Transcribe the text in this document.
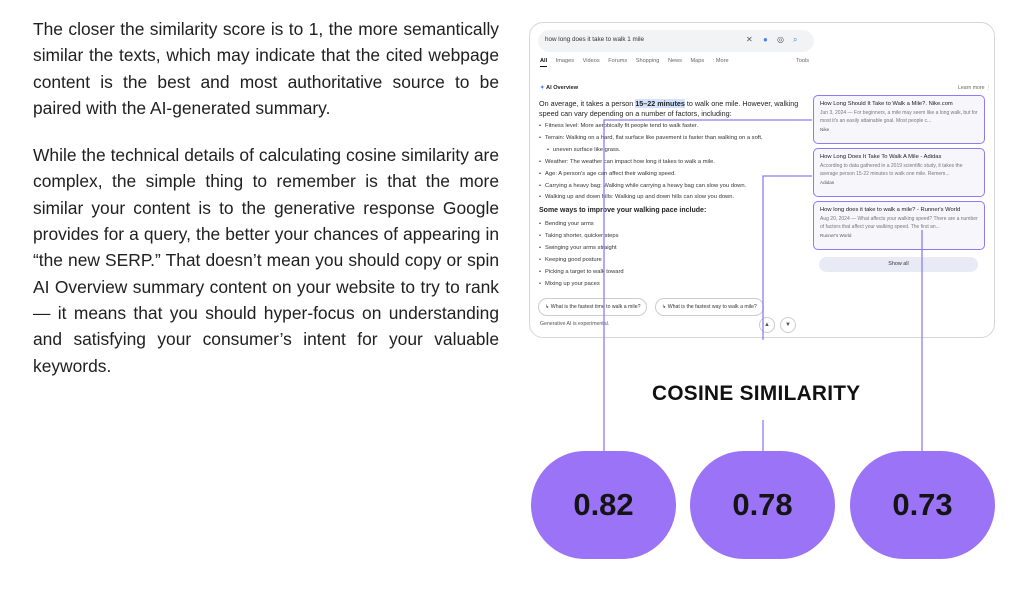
The closer the similarity score is to 1, the more semantically similar the texts, which may indicate that the cited webpage content is the best and most authoritative source to be paired with the AI-generated summary.

While the technical details of calculating cosine similarity are complex, the simple thing to remember is that the more similar your content is to the generative response Google provides for a query, the better your chances of appearing in “the new SERP.” That doesn’t mean you should copy or spin AI Overview summary content on your website to try to rank — it means that you should hyper-focus on understanding and satisfying your consumer’s intent for your valuable keywords.

how long does it take to walk 1 mile	✕ ● ◎ ⌕
All Images Videos Forums Shopping News Maps : More	Tools
✦ AI Overview	Learn more ⋮
On average, it takes a person 15–22 minutes to walk one mile. However, walking speed can vary depending on a number of factors, including:
• Fitness level: More aerobically fit people tend to walk faster.
• Terrain: Walking on a hard, flat surface like pavement is faster than walking on a soft,
• uneven surface like grass.
• Weather: The weather can impact how long it takes to walk a mile.
• Age: A person's age can affect their walking speed.
• Carrying a heavy bag: Walking while carrying a heavy bag can slow you down.
• Walking up and down hills: Walking up and down hills can slow you down.
Some ways to improve your walking pace include:
• Bending your arms
• Taking shorter, quicker steps
• Swinging your arms straight
• Keeping good posture
• Picking a target to walk toward
• Mixing up your paces
↳ What is the fastest time to walk a mile?	↳ What is the fastest way to walk a mile?
Generative AI is experimental.	▲	▼
How Long Should It Take to Walk a Mile?. Nike.com
Jun 3, 2024 — For beginners, a mile may seem like a long walk, but for most it's an easily attainable goal. Most people c...
Nike
How Long Does It Take To Walk A Mile - Adidas
According to data gathered in a 2019 scientific study, it takes the average person 15-22 minutes to walk one mile. Remem...
Adidas
How long does it take to walk a mile? - Runner's World
Aug 20, 2024 — What affects your walking speed? There are a number of factors that affect your walking speed. The first an...
Runner's World
Show all
COSINE SIMILARITY
0.82	0.78	0.73
